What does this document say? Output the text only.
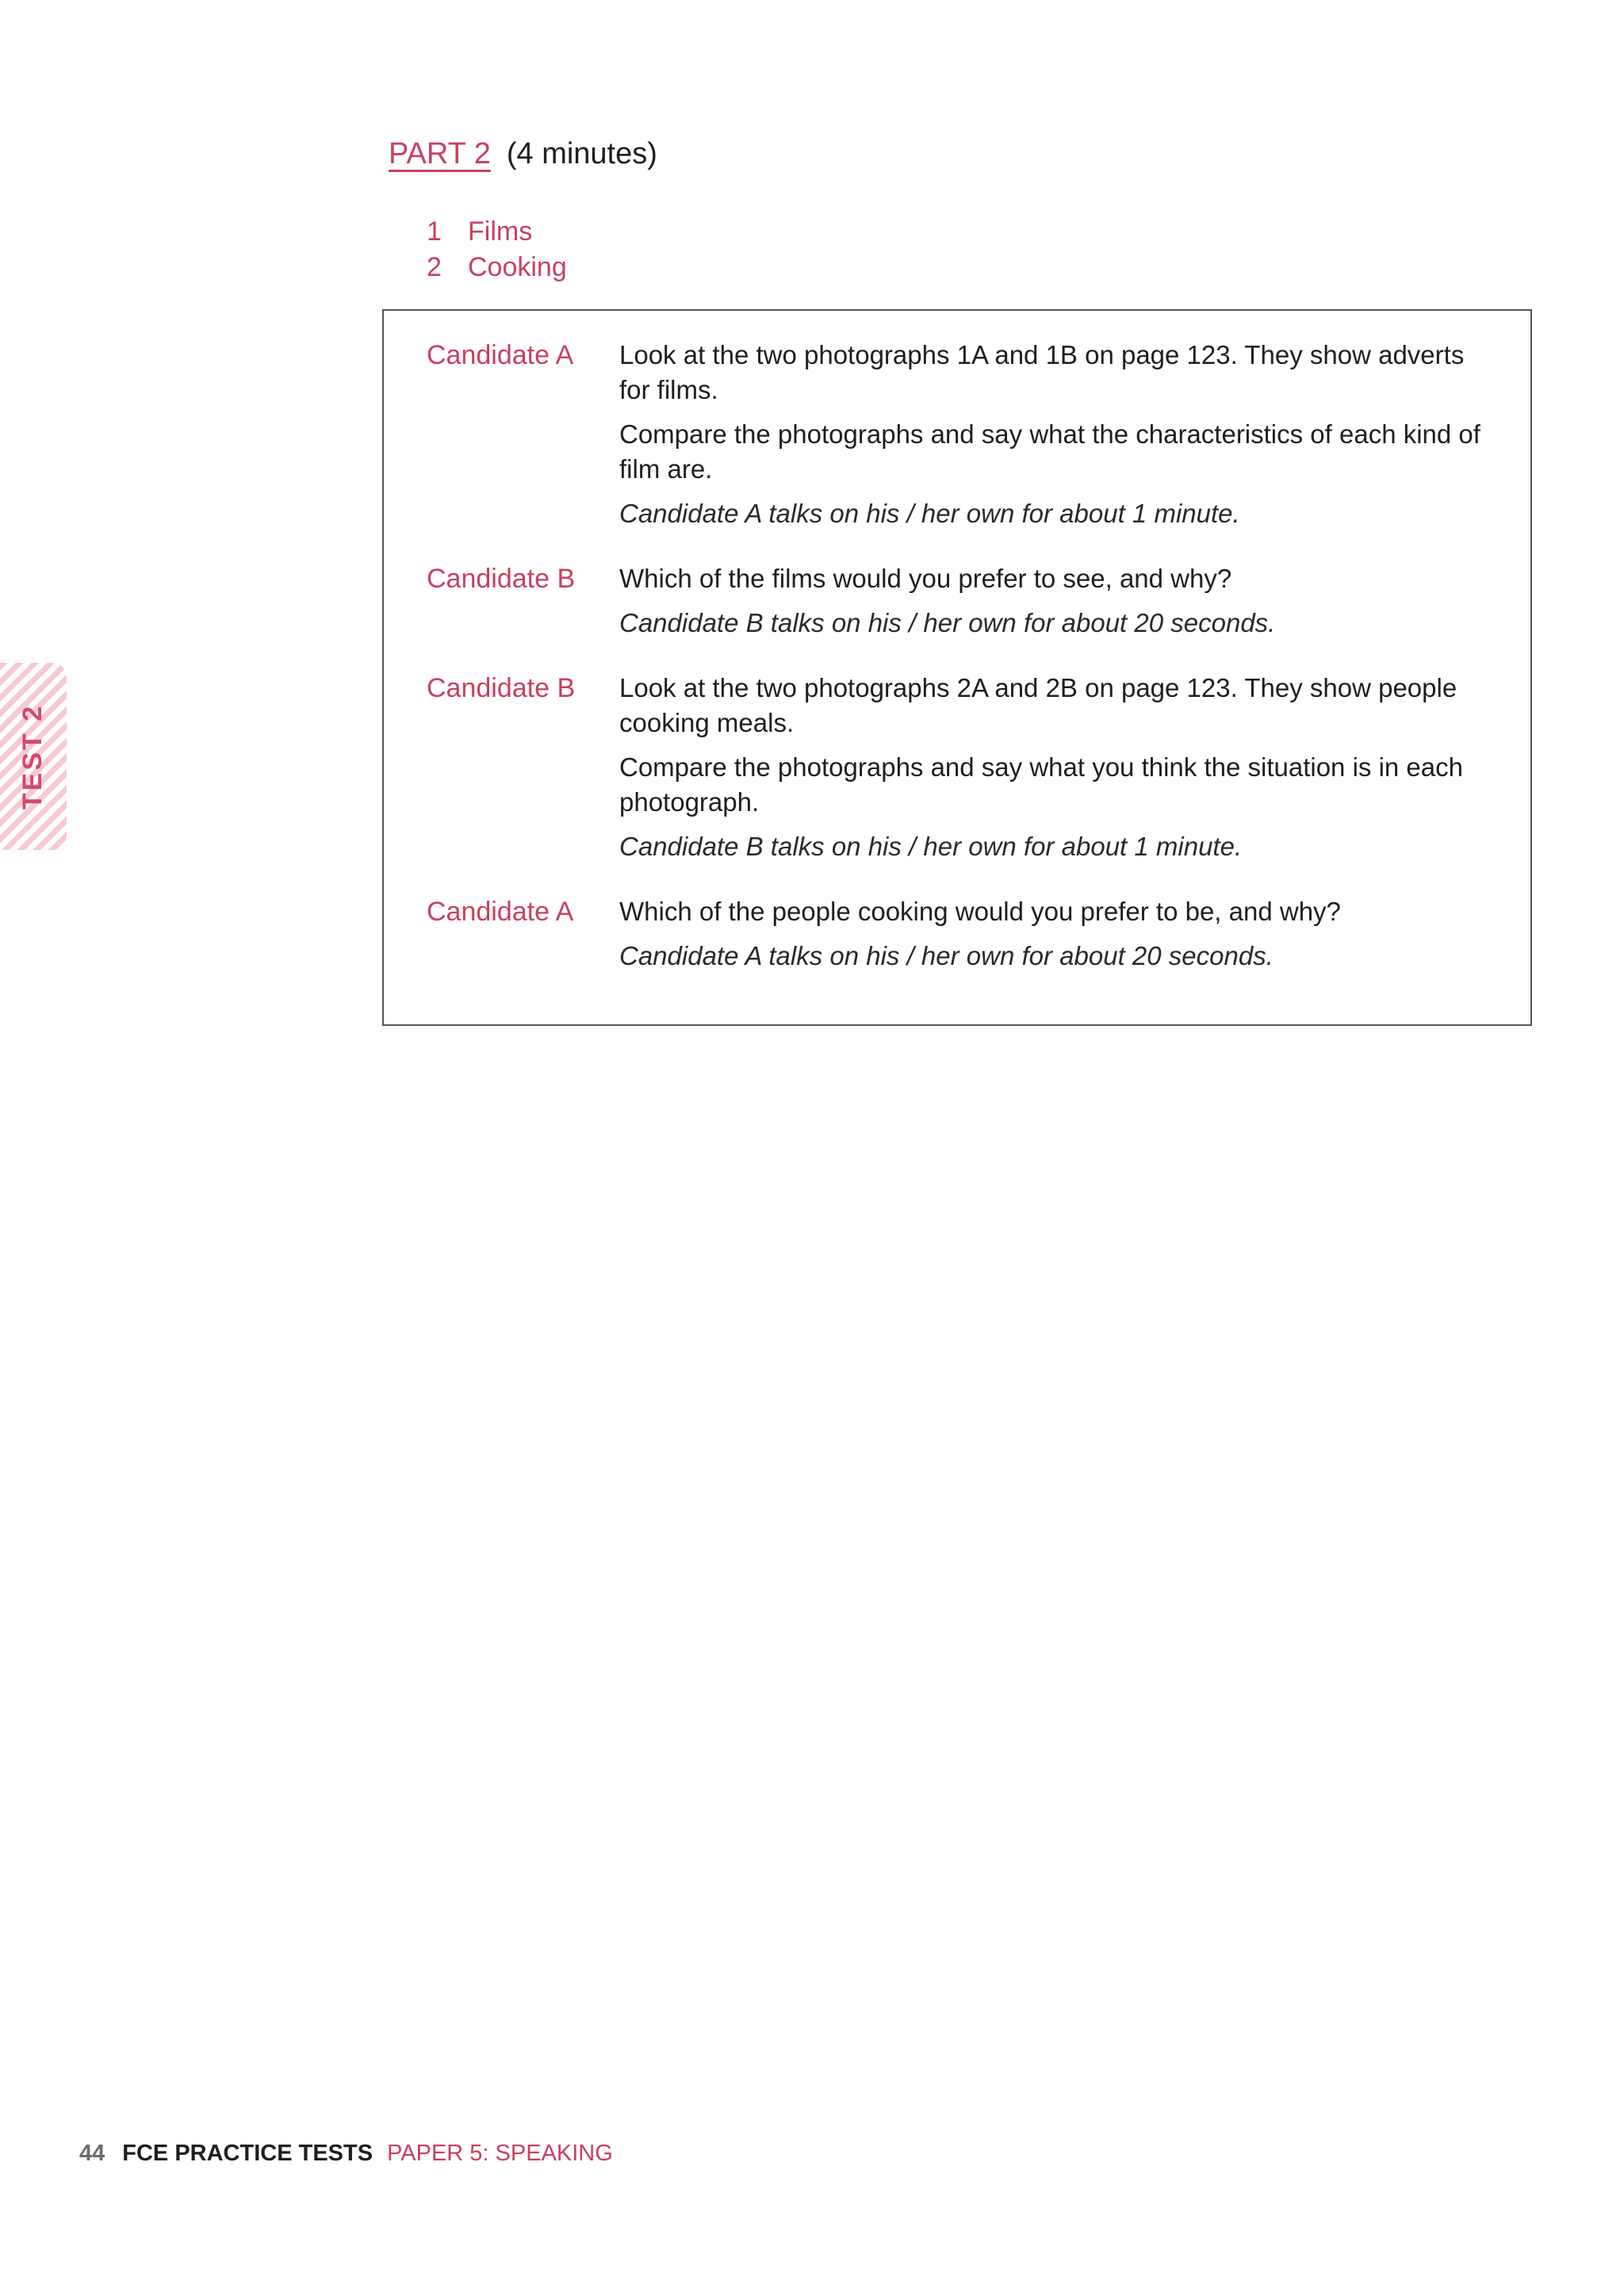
PART 2 (4 minutes)
1 Films
2 Cooking
Candidate A	Look at the two photographs 1A and 1B on page 123. They show adverts for films.

Compare the photographs and say what the characteristics of each kind of film are.

Candidate A talks on his / her own for about 1 minute.

Candidate B	Which of the films would you prefer to see, and why?

Candidate B talks on his / her own for about 20 seconds.

Candidate B	Look at the two photographs 2A and 2B on page 123. They show people cooking meals.

Compare the photographs and say what you think the situation is in each photograph.

Candidate B talks on his / her own for about 1 minute.

Candidate A	Which of the people cooking would you prefer to be, and why?

Candidate A talks on his / her own for about 20 seconds.

TEST 2
44 FCE PRACTICE TESTS PAPER 5: SPEAKING
